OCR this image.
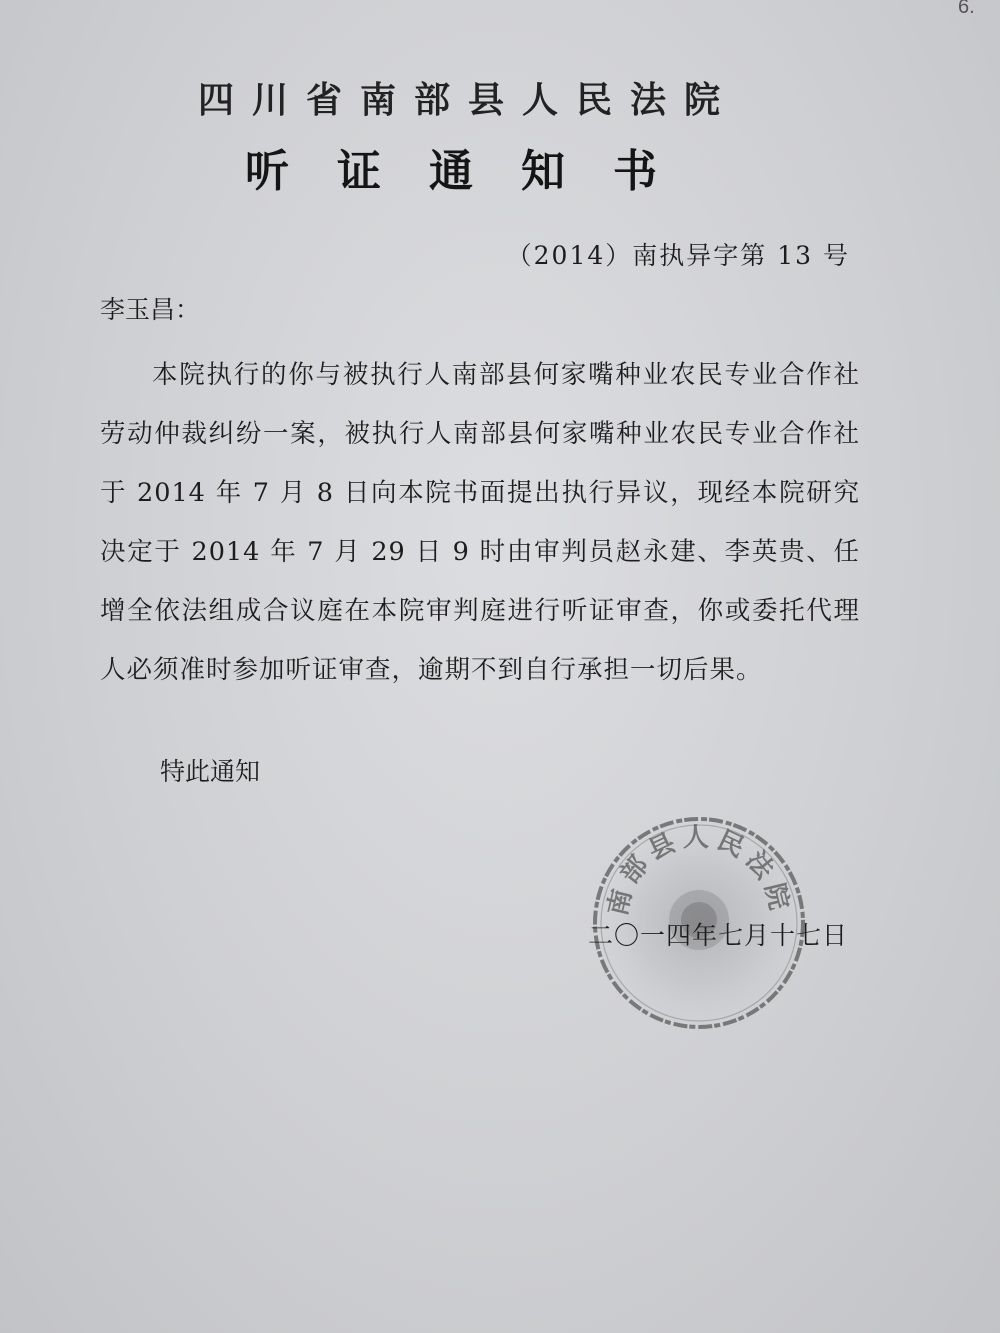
6.
四川省南部县人民法院
听证通知书
（2014）南执异字第 13 号
李玉昌：
本院执行的你与被执行人南部县何家嘴种业农民专业合作社劳动仲裁纠纷一案，被执行人南部县何家嘴种业农民专业合作社于 2014 年 7 月 8 日向本院书面提出执行异议，现经本院研究决定于 2014 年 7 月 29 日 9 时由审判员赵永建、李英贵、任增全依法组成合议庭在本院审判庭进行听证审查，你或委托代理人必须准时参加听证审查，逾期不到自行承担一切后果。
特此通知
南部县人民法院
二〇一四年七月十七日
